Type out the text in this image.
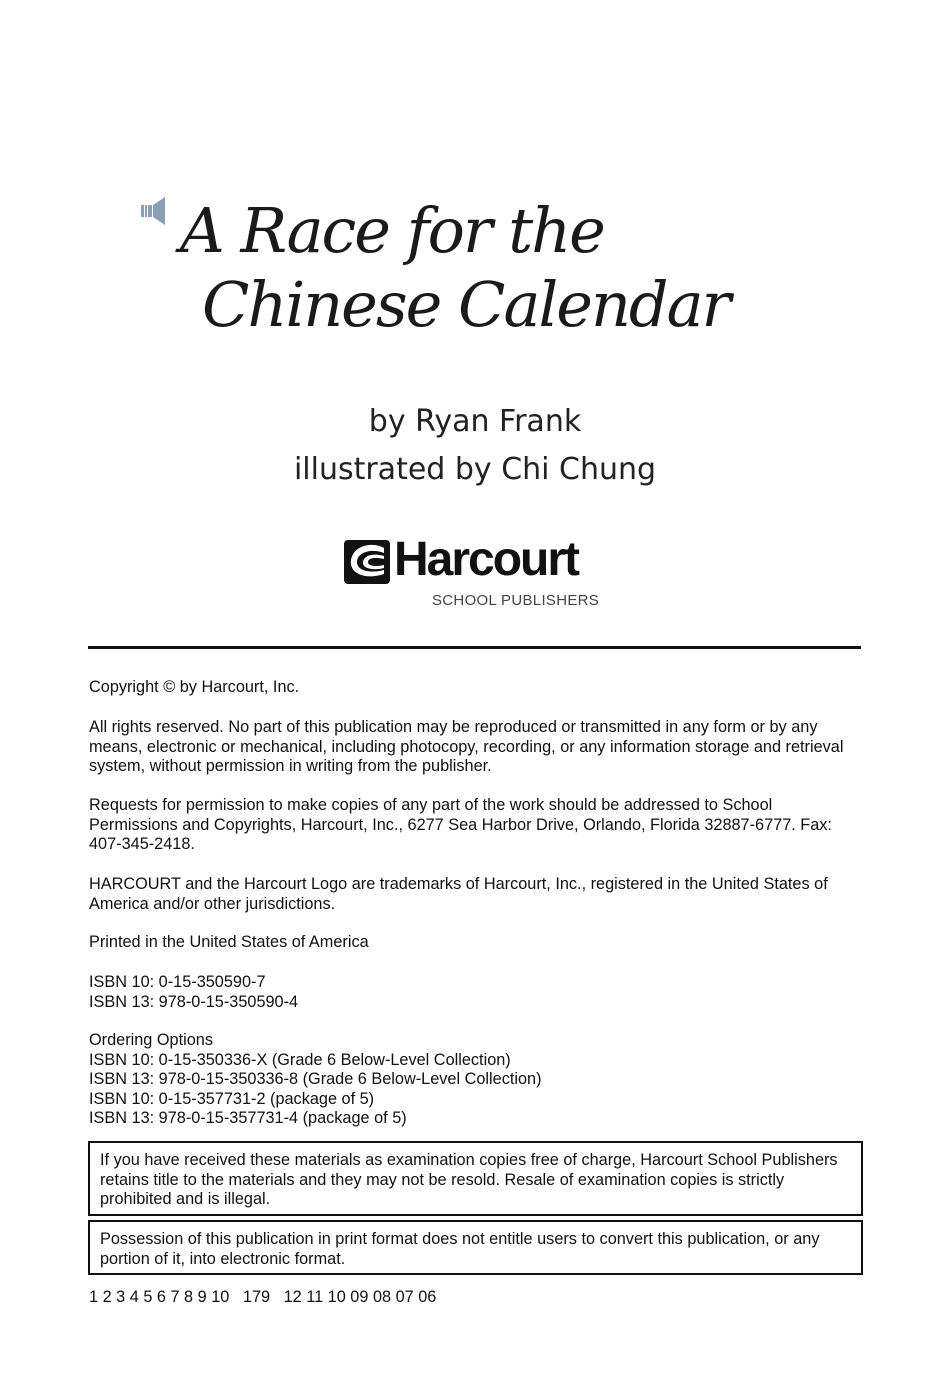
A Race for the
Chinese Calendar
by Ryan Frank
illustrated by Chi Chung
Harcourt
SCHOOL PUBLISHERS
Copyright © by Harcourt, Inc.
All rights reserved. No part of this publication may be reproduced or transmitted in any form or by any means, electronic or mechanical, including photocopy, recording, or any information storage and retrieval system, without permission in writing from the publisher.
Requests for permission to make copies of any part of the work should be addressed to School Permissions and Copyrights, Harcourt, Inc., 6277 Sea Harbor Drive, Orlando, Florida 32887-6777. Fax: 407-345-2418.
HARCOURT and the Harcourt Logo are trademarks of Harcourt, Inc., registered in the United States of America and/or other jurisdictions.
Printed in the United States of America

ISBN 10: 0-15-350590-7

ISBN 13: 978-0-15-350590-4

Ordering Options

ISBN 10: 0-15-350336-X (Grade 6 Below-Level Collection)

ISBN 13: 978-0-15-350336-8 (Grade 6 Below-Level Collection)

ISBN 10: 0-15-357731-2 (package of 5)

ISBN 13: 978-0-15-357731-4 (package of 5)

If you have received these materials as examination copies free of charge, Harcourt School Publishers retains title to the materials and they may not be resold. Resale of examination copies is strictly prohibited and is illegal.
Possession of this publication in print format does not entitle users to convert this publication, or any portion of it, into electronic format.
1 2 3 4 5 6 7 8 9 10   179   12 11 10 09 08 07 06
